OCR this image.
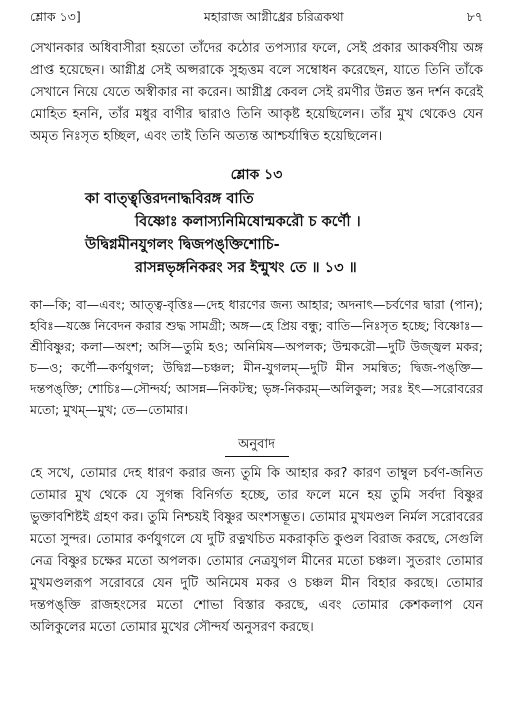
শ্লোক ১৩]	মহারাজ আগ্নীধ্রের চরিত্রকথা	৮৭

সেখানকার অধিবাসীরা হয়তো তাঁদের কঠোর তপস্যার ফলে, সেই প্রকার আকর্ষণীয় অঙ্গ প্রাপ্ত হয়েছেন। আগ্নীধ্র সেই অপ্সরাকে সুহৃত্তম বলে সম্বোধন করেছেন, যাতে তিনি তাঁকে সেখানে নিয়ে যেতে অস্বীকার না করেন। আগ্নীধ্র কেবল সেই রমণীর উন্নত স্তন দর্শন করেই মোহিত হননি, তাঁর মধুর বাণীর দ্বারাও তিনি আকৃষ্ট হয়েছিলেন। তাঁর মুখ থেকেও যেন অমৃত নিঃসৃত হচ্ছিল, এবং তাই তিনি অত্যন্ত আশ্চর্যান্বিত হয়েছিলেন।

শ্লোক ১৩
কা বাত্ত্বৃত্তিরদনাদ্ধবিরঙ্গ বাতি
বিষ্ণোঃ কলাস্যনিমিষোন্মকরৌ চ কর্ণৌ ।
উদ্বিগ্নমীনযুগলং দ্বিজপঙ্‌ক্তিশোচি-
রাসন্নভৃঙ্গনিকরং সর ইন্মুখং তে ॥ ১৩ ॥

কা—কি; বা—এবং; আত্ত্ব-বৃত্তিঃ—দেহ ধারণের জন্য আহার; অদনাৎ—চর্বণের দ্বারা (পান); হবিঃ—যজ্ঞে নিবেদন করার শুদ্ধ সামগ্রী; অঙ্গ—হে প্রিয় বন্ধু; বাতি—নিঃসৃত হচ্ছে; বিষ্ণোঃ—শ্রীবিষ্ণুর; কলা—অংশ; অসি—তুমি হও; অনিমিষ—অপলক; উন্মকরৌ—দুটি উজ্জ্বল মকর; চ—ও; কর্ণৌ—কর্ণযুগল; উদ্বিগ্ন—চঞ্চল; মীন-যুগলম্—দুটি মীন সমন্বিত; দ্বিজ-পঙ্‌ক্তি—দন্তপঙ্‌ক্তি; শোচিঃ—সৌন্দর্য; আসন্ন—নিকটস্থ; ভৃঙ্গ-নিকরম্—অলিকুল; সরঃ ইৎ—সরোবরের মতো; মুখম্—মুখ; তে—তোমার।

অনুবাদ

হে সখে, তোমার দেহ ধারণ করার জন্য তুমি কি আহার কর? কারণ তাম্বুল চর্বণ-জনিত তোমার মুখ থেকে যে সুগন্ধ বিনির্গত হচ্ছে, তার ফলে মনে হয় তুমি সর্বদা বিষ্ণুর ভুক্তাবশিষ্টই গ্রহণ কর। তুমি নিশ্চয়ই বিষ্ণুর অংশসম্ভূত। তোমার মুখমণ্ডল নির্মল সরোবরের মতো সুন্দর। তোমার কর্ণযুগলে যে দুটি রত্নখচিত মকরাকৃতি কুণ্ডল বিরাজ করছে, সেগুলি নেত্র বিষ্ণুর চক্ষের মতো অপলক। তোমার নেত্রযুগল মীনের মতো চঞ্চল। সুতরাং তোমার মুখমণ্ডলরূপ সরোবরে যেন দুটি অনিমেষ মকর ও চঞ্চল মীন বিহার করছে। তোমার দন্তপঙ্‌ক্তি রাজহংসের মতো শোভা বিস্তার করছে, এবং তোমার কেশকলাপ যেন অলিকুলের মতো তোমার মুখের সৌন্দর্য অনুসরণ করছে।
